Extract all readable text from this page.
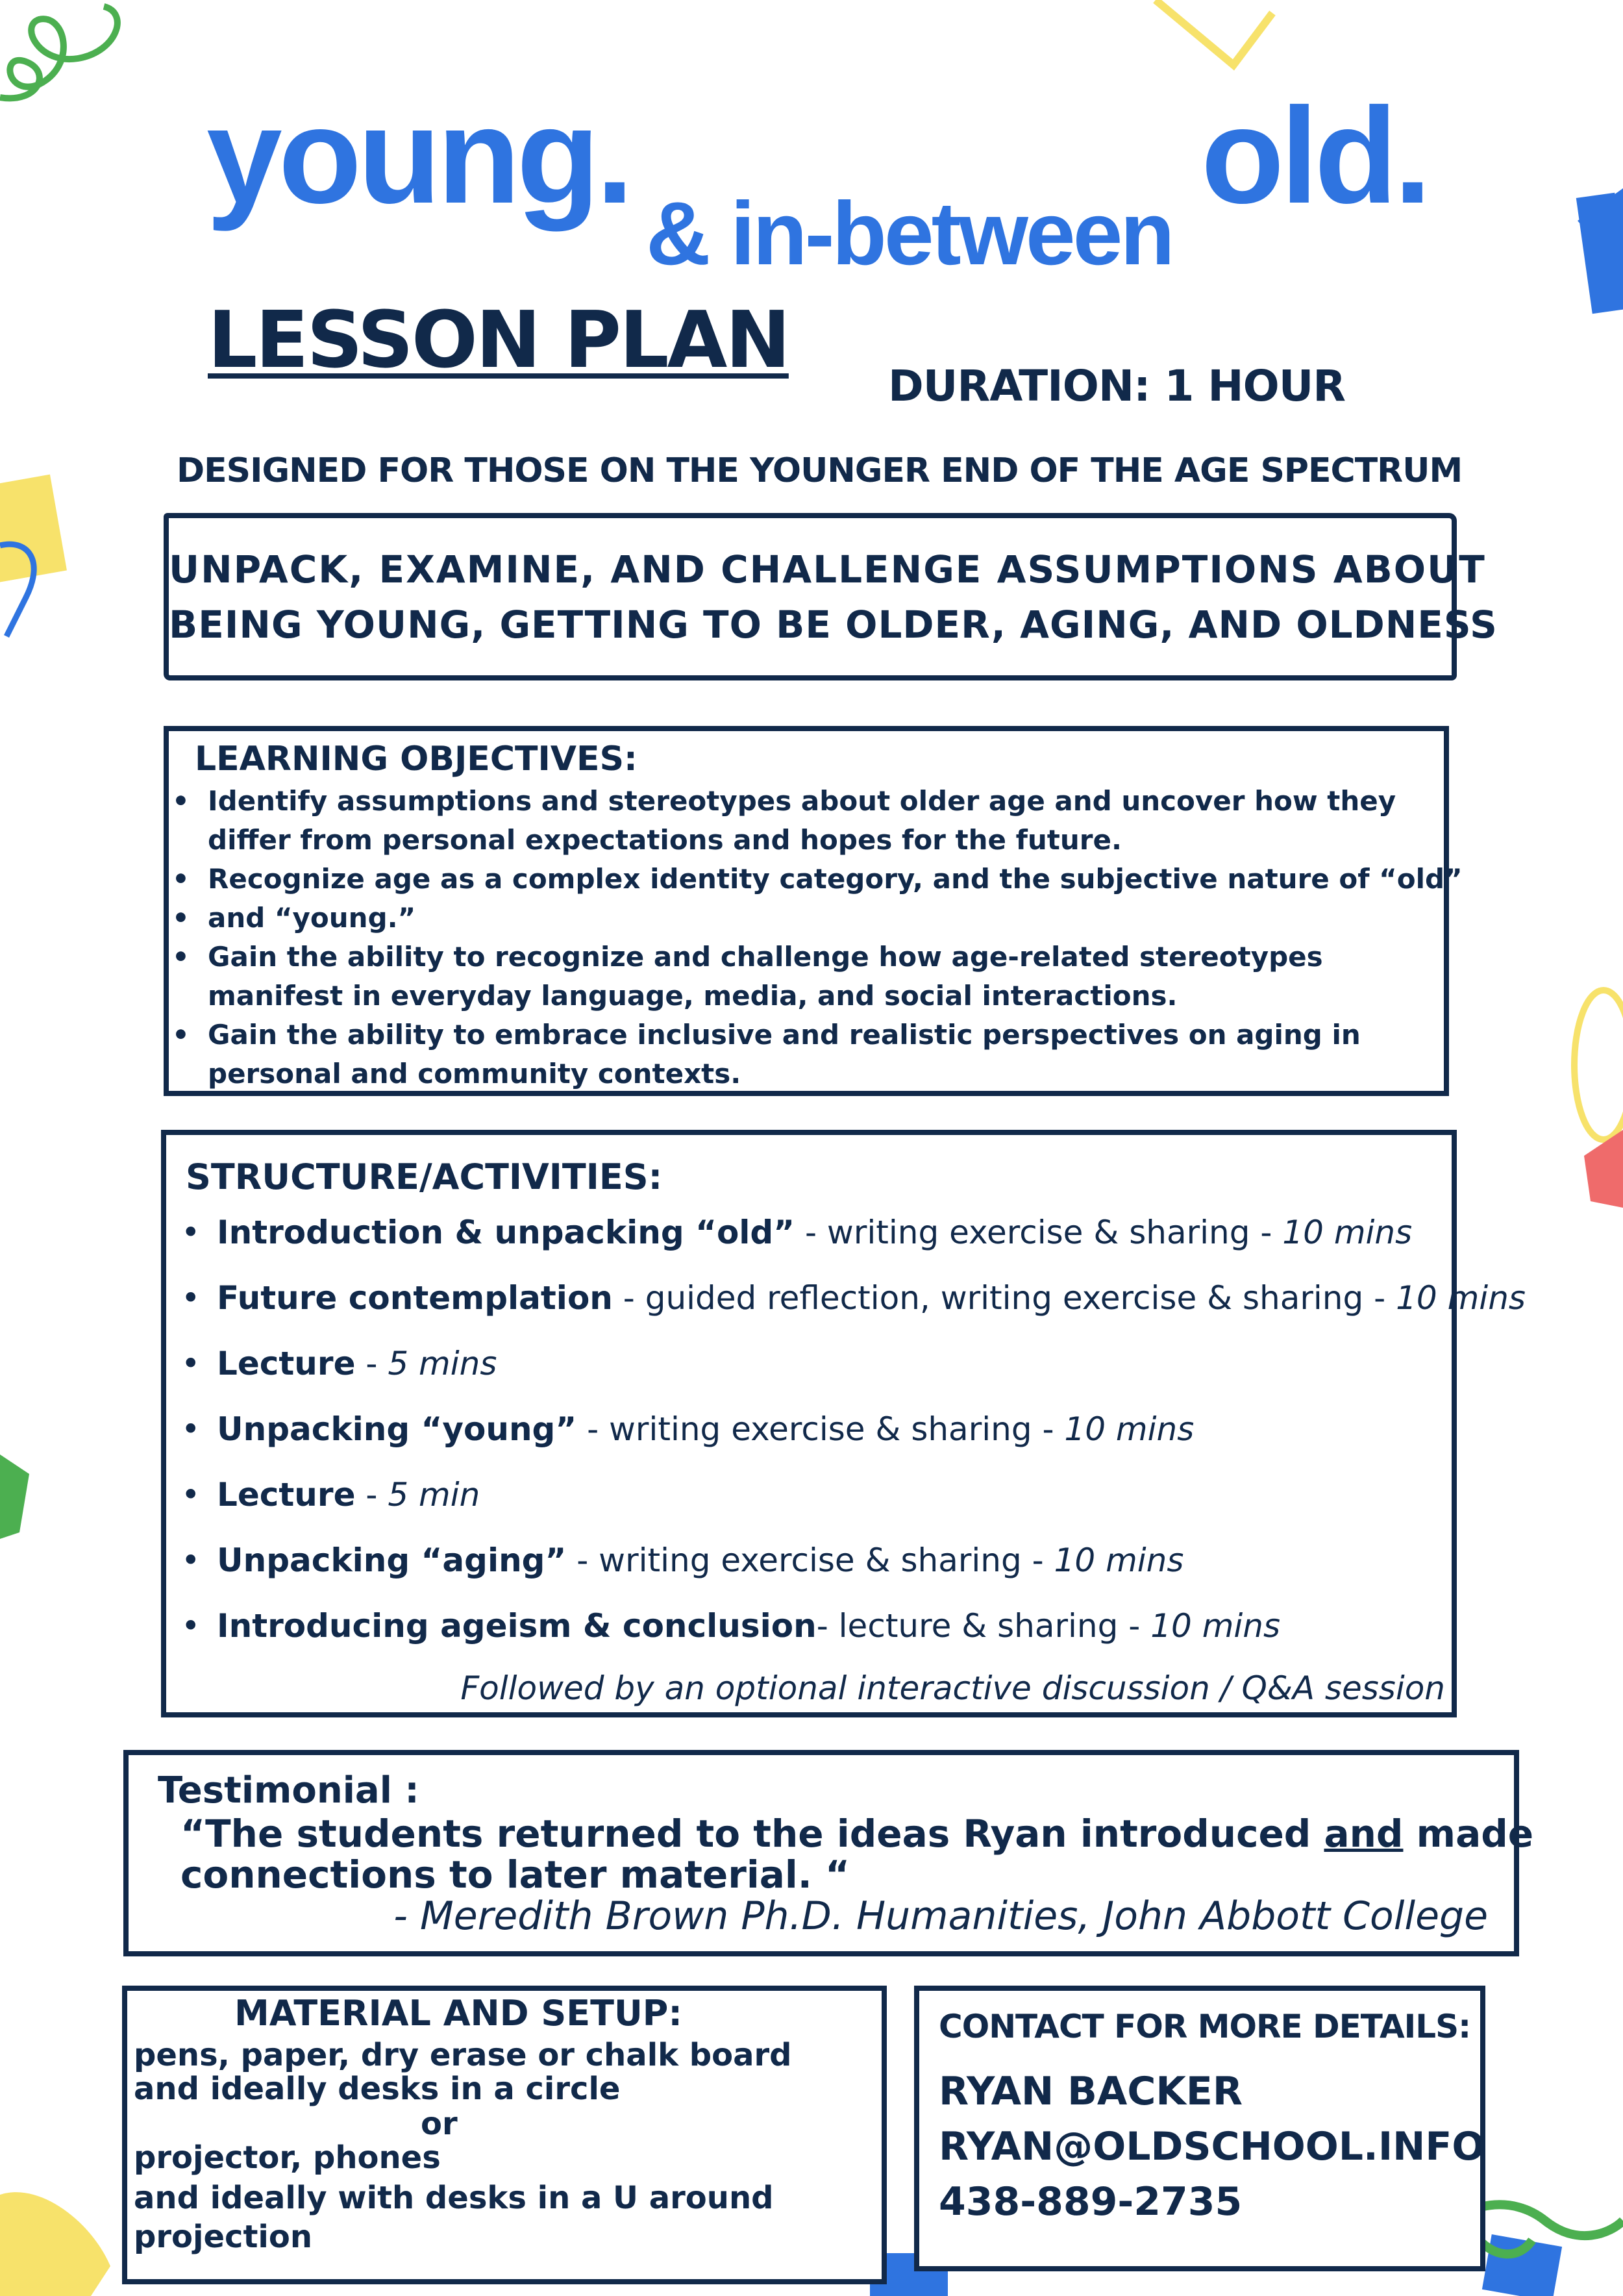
young.
& in-between
old.
LESSON PLAN
DURATION: 1 HOUR
DESIGNED FOR THOSE ON THE YOUNGER END OF THE AGE SPECTRUM
UNPACK, EXAMINE, AND CHALLENGE ASSUMPTIONS ABOUT
BEING YOUNG, GETTING TO BE OLDER, AGING, AND OLDNESS
LEARNING OBJECTIVES:
• Identify assumptions and stereotypes about older age and uncover how they differ from personal expectations and hopes for the future.
• Recognize age as a complex identity category, and the subjective nature of “old”
• and “young.”
• Gain the ability to recognize and challenge how age-related stereotypes manifest in everyday language, media, and social interactions.
• Gain the ability to embrace inclusive and realistic perspectives on aging in personal and community contexts.
STRUCTURE/ACTIVITIES:
• Introduction & unpacking “old” - writing exercise & sharing - 10 mins
• Future contemplation - guided reflection, writing exercise & sharing - 10 mins
• Lecture - 5 mins
• Unpacking “young” - writing exercise & sharing - 10 mins
• Lecture - 5 min
• Unpacking “aging” - writing exercise & sharing - 10 mins
• Introducing ageism & conclusion- lecture & sharing - 10 mins
Followed by an optional interactive discussion / Q&A session
Testimonial :
“The students returned to the ideas Ryan introduced and made
connections to later material. “
- Meredith Brown Ph.D. Humanities, John Abbott College
MATERIAL AND SETUP:
pens, paper, dry erase or chalk board
and ideally desks in a circle
or
projector, phones
and ideally with desks in a U around
projection
CONTACT FOR MORE DETAILS:
RYAN BACKER
RYAN@OLDSCHOOL.INFO
438-889-2735
